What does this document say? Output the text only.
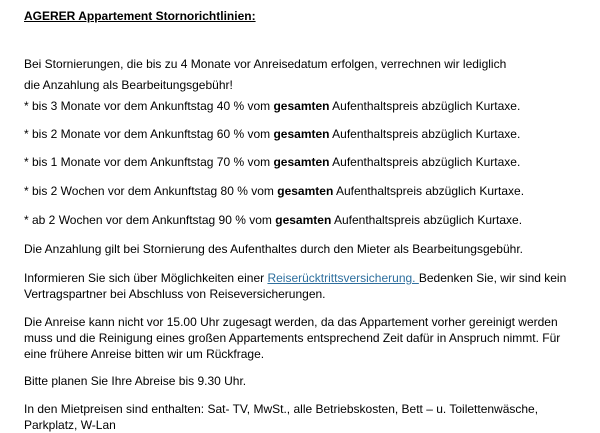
AGERER Appartement Stornorichtlinien:

Bei Stornierungen, die bis zu 4 Monate vor Anreisedatum erfolgen, verrechnen wir lediglich

die Anzahlung als Bearbeitungsgebühr!

* bis 3 Monate vor dem Ankunftstag 40 % vom gesamten Aufenthaltspreis abzüglich Kurtaxe.

* bis 2 Monate vor dem Ankunftstag 60 % vom gesamten Aufenthaltspreis abzüglich Kurtaxe.

* bis 1 Monate vor dem Ankunftstag 70 % vom gesamten Aufenthaltspreis abzüglich Kurtaxe.

* bis 2 Wochen vor dem Ankunftstag 80 % vom gesamten Aufenthaltspreis abzüglich Kurtaxe.

* ab 2 Wochen vor dem Ankunftstag 90 % vom gesamten Aufenthaltspreis abzüglich Kurtaxe.

Die Anzahlung gilt bei Stornierung des Aufenthaltes durch den Mieter als Bearbeitungsgebühr.

Informieren Sie sich über Möglichkeiten einer Reiserücktrittsversicherung. Bedenken Sie, wir sind kein

Vertragspartner bei Abschluss von Reiseversicherungen.

Die Anreise kann nicht vor 15.00 Uhr zugesagt werden, da das Appartement vorher gereinigt werden

muss und die Reinigung eines großen Appartements entsprechend Zeit dafür in Anspruch nimmt. Für

eine frühere Anreise bitten wir um Rückfrage.

Bitte planen Sie Ihre Abreise bis 9.30 Uhr.

In den Mietpreisen sind enthalten: Sat- TV, MwSt., alle Betriebskosten, Bett – u. Toilettenwäsche,

Parkplatz, W-Lan
